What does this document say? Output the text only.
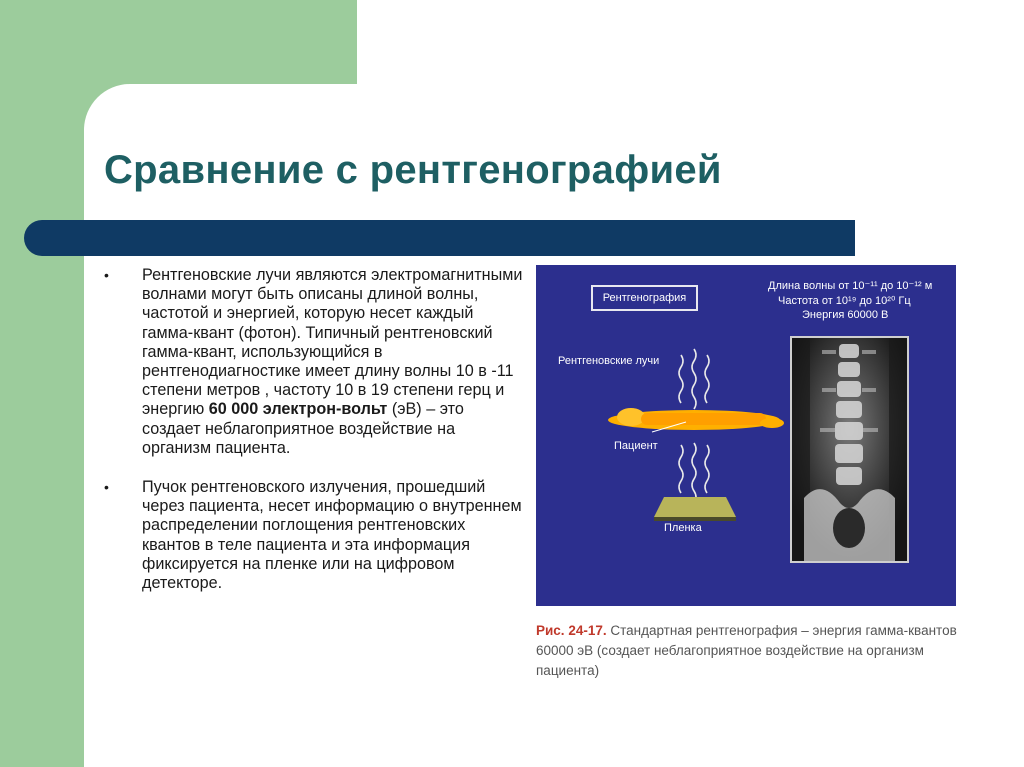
Сравнение с рентгенографией
• Рентгеновские лучи являются электромагнитными волнами могут быть описаны длиной волны, частотой и энергией, которую несет каждый гамма-квант (фотон). Типичный рентгеновский гамма-квант, использующийся в рентгенодиагностике имеет длину волны 10 в -11 степени метров , частоту 10 в 19 степени герц и энергию 60 000 электрон-вольт (эВ) – это создает неблагоприятное воздействие на организм пациента.
• Пучок рентгеновского излучения, прошедший через пациента, несет информацию о внутреннем распределении поглощения рентгеновских квантов в теле пациента и эта информация фиксируется на пленке или на цифровом детекторе.
Рентгенография
Рентгеновские лучи
Пациент
Пленка
Длина волны от 10⁻¹¹ до 10⁻¹² м
Частота от 10¹⁹ до 10²⁰ Гц
Энергия 60000 В
Рис. 24-17. Стандартная рентгенография – энергия гамма-квантов 60000 эВ (создает неблагоприятное воздействие на организм пациента)
